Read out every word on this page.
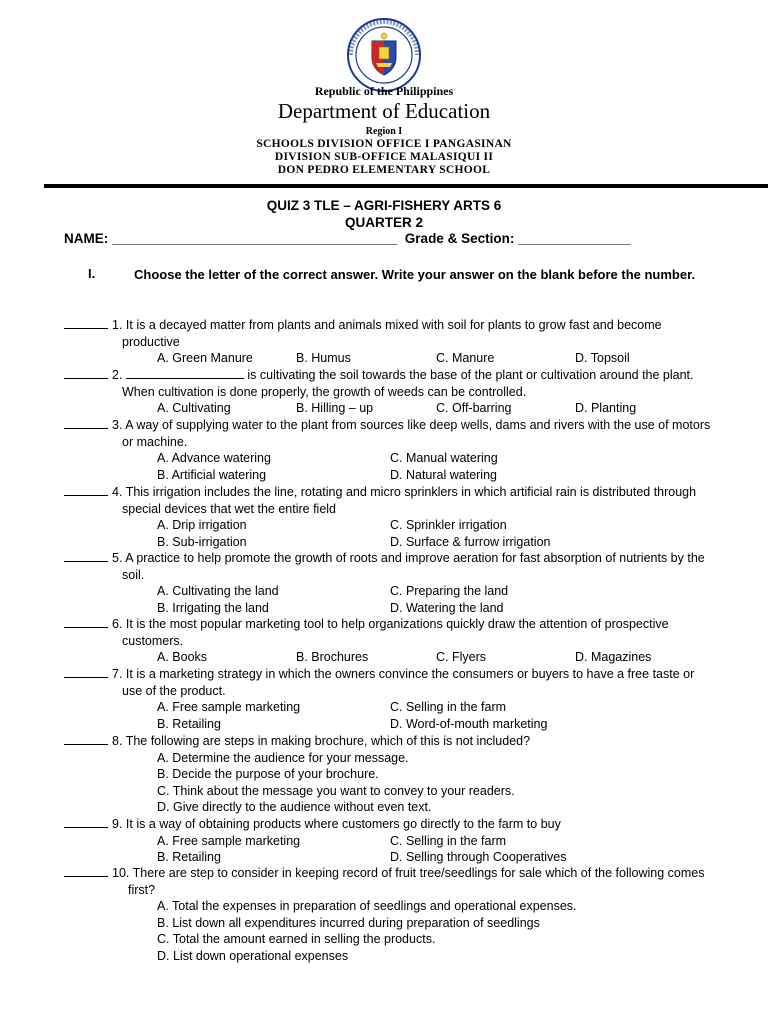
Republic of the Philippines
Department of Education
Region I
SCHOOLS DIVISION OFFICE I PANGASINAN
DIVISION SUB-OFFICE MALASIQUI II
DON PEDRO ELEMENTARY SCHOOL
QUIZ 3 TLE – AGRI-FISHERY ARTS 6
QUARTER 2
NAME: ______________________________________  Grade & Section: _______________
I.	Choose the letter of the correct answer. Write your answer on the blank before the number.
1. It is a decayed matter from plants and animals mixed with soil for plants to grow fast and become productive
A. Green Manure	B. Humus	C. Manure	D. Topsoil
2.	is cultivating the soil towards the base of the plant or cultivation around the plant. When cultivation is done properly, the growth of weeds can be controlled.
A. Cultivating	B. Hilling – up	C. Off-barring	D. Planting
3. A way of supplying water to the plant from sources like deep wells, dams and rivers with the use of motors or machine.
A. Advance watering	C. Manual watering
B. Artificial watering	D. Natural watering
4. This irrigation includes the line, rotating and micro sprinklers in which artificial rain is distributed through special devices that wet the entire field
A. Drip irrigation	C. Sprinkler irrigation
B. Sub-irrigation	D. Surface & furrow irrigation
5. A practice to help promote the growth of roots and improve aeration for fast absorption of nutrients by the soil.
A. Cultivating the land	C. Preparing the land
B. Irrigating the land	D. Watering the land
6. It is the most popular marketing tool to help organizations quickly draw the attention of prospective customers.
A. Books	B. Brochures	C. Flyers	D. Magazines
7. It is a marketing strategy in which the owners convince the consumers or buyers to have a free taste or use of the product.
A. Free sample marketing	C. Selling in the farm
B. Retailing	D. Word-of-mouth marketing
8. The following are steps in making brochure, which of this is not included?
A. Determine the audience for your message.
B. Decide the purpose of your brochure.
C. Think about the message you want to convey to your readers.
D. Give directly to the audience without even text.
9. It is a way of obtaining products where customers go directly to the farm to buy
A. Free sample marketing	C. Selling in the farm
B. Retailing	D. Selling through Cooperatives
10. There are step to consider in keeping record of fruit tree/seedlings for sale which of the following comes first?
A. Total the expenses in preparation of seedlings and operational expenses.
B. List down all expenditures incurred during preparation of seedlings
C. Total the amount earned in selling the products.
D. List down operational expenses
